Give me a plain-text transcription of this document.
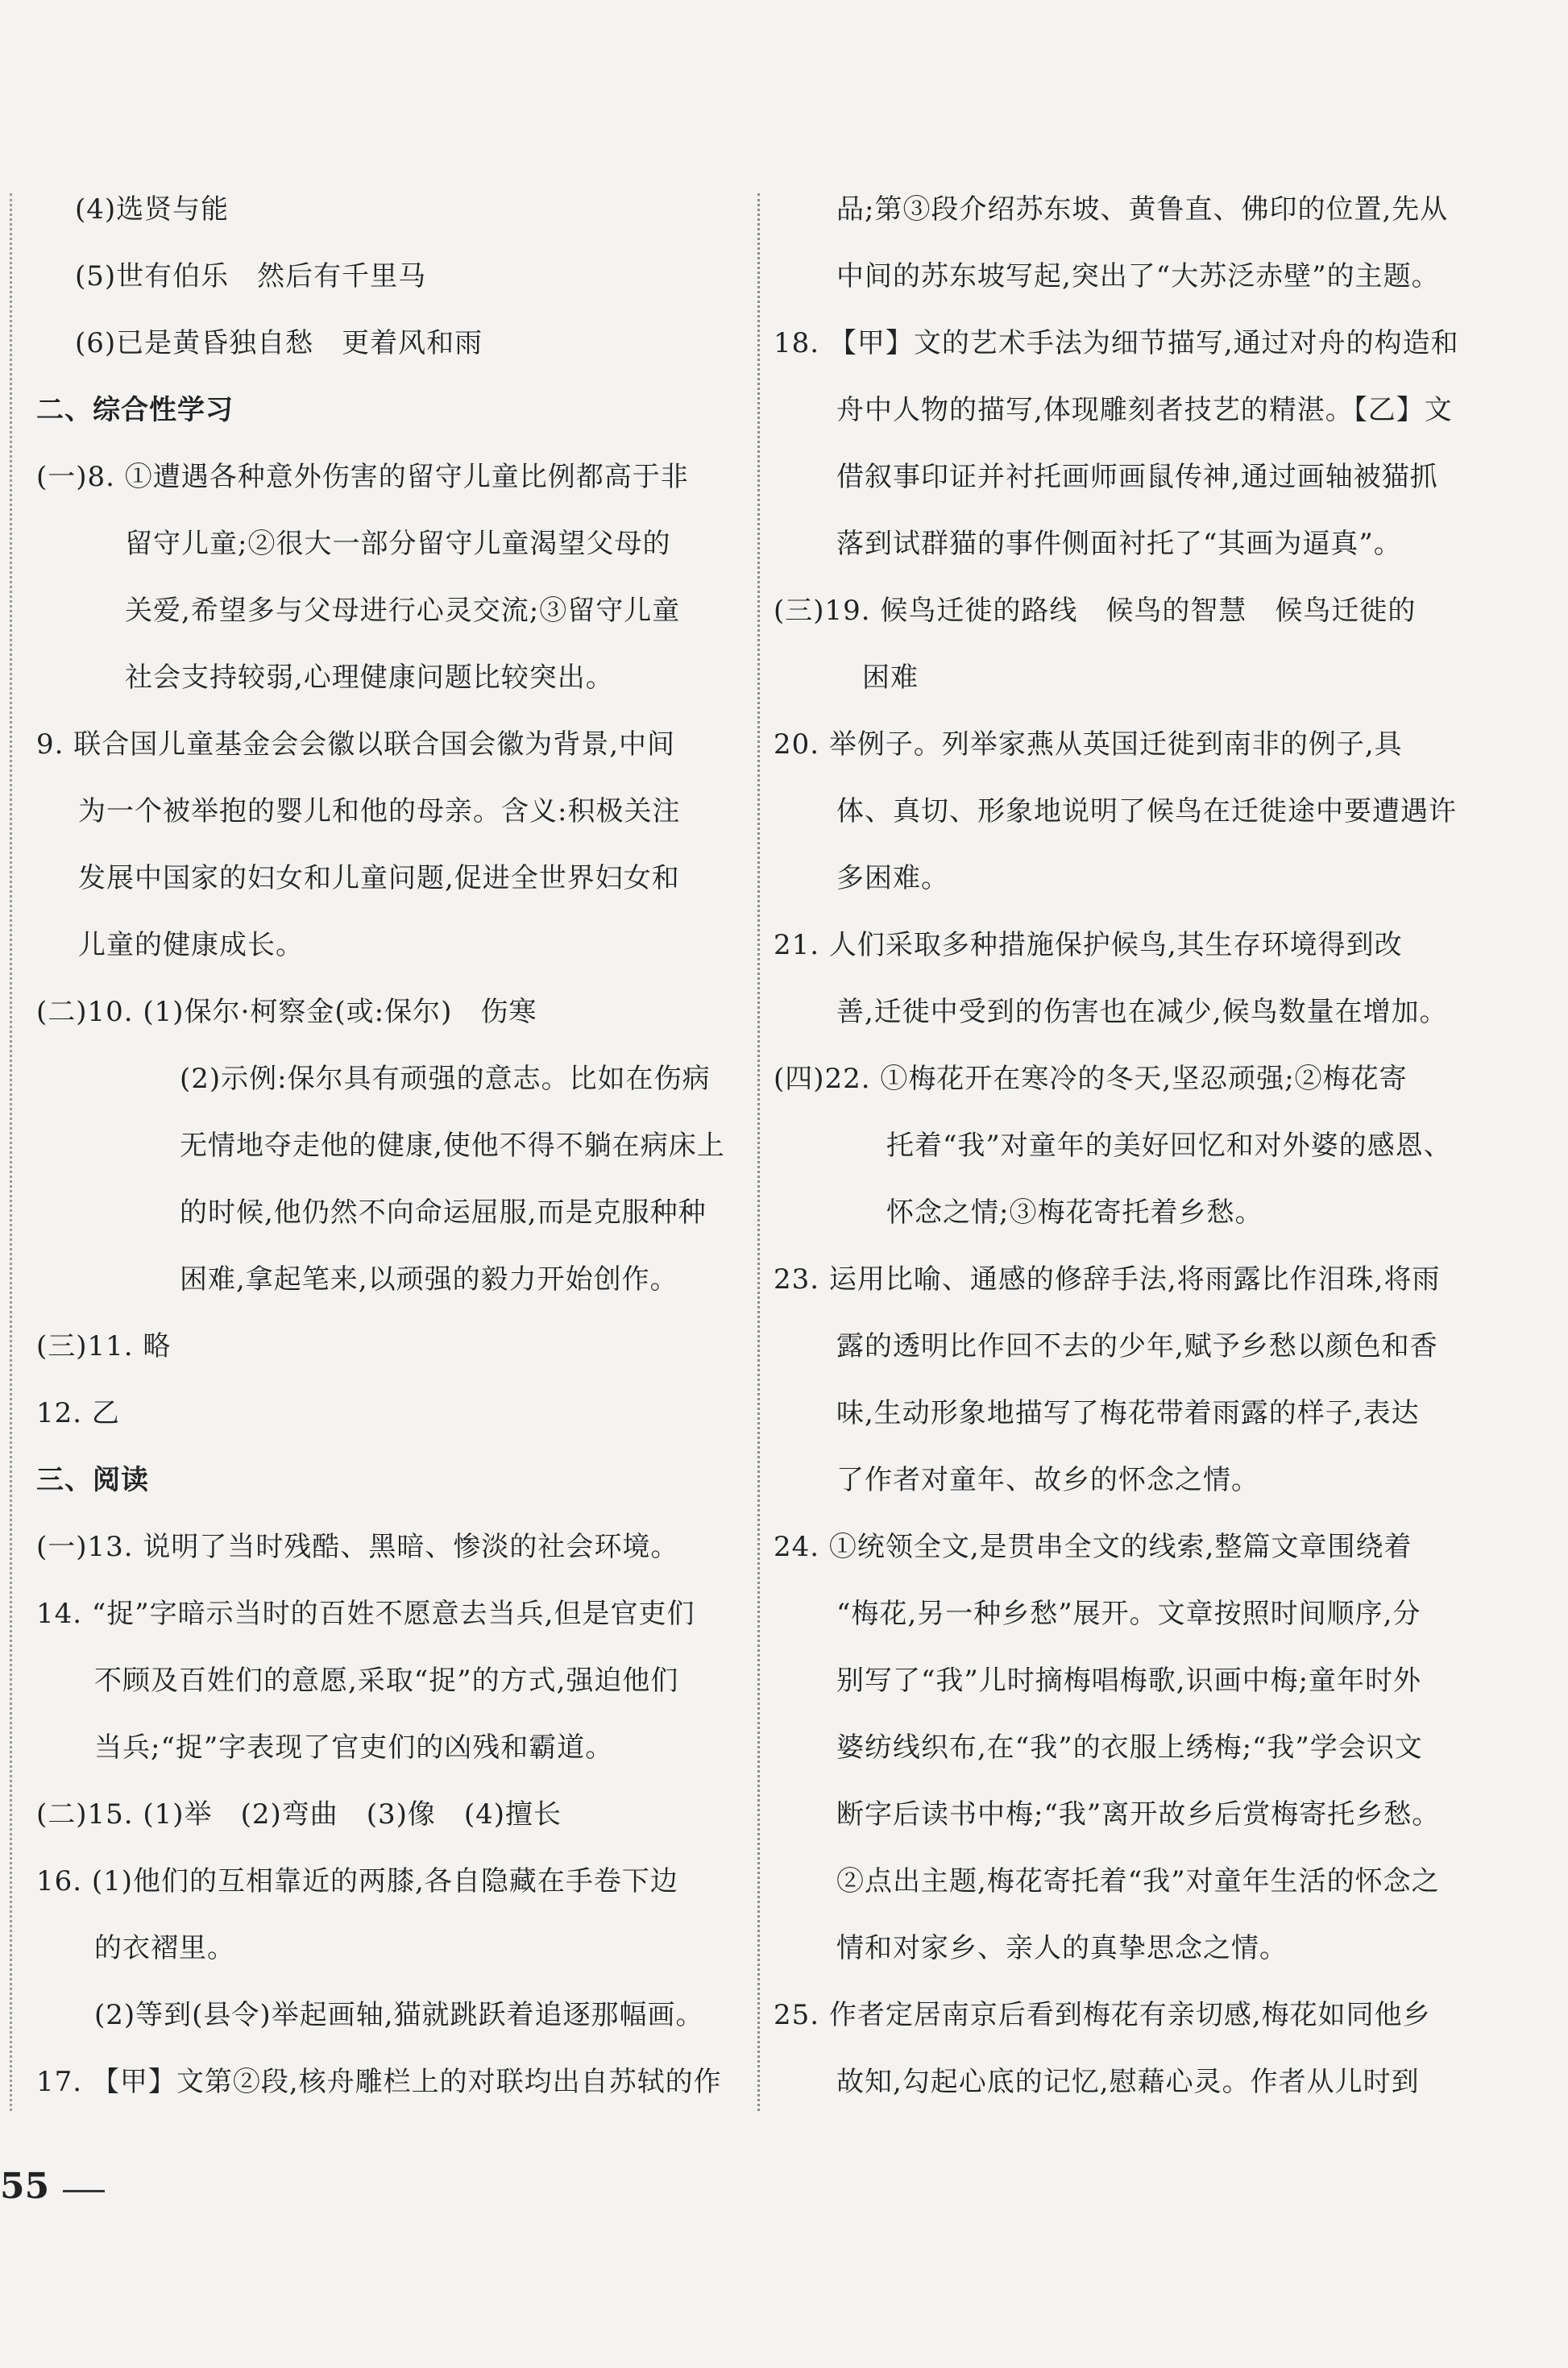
(4)选贤与能
(5)世有伯乐　然后有千里马
(6)已是黄昏独自愁　更着风和雨
二、综合性学习
(一)8. ①遭遇各种意外伤害的留守儿童比例都高于非
留守儿童;②很大一部分留守儿童渴望父母的
关爱,希望多与父母进行心灵交流;③留守儿童
社会支持较弱,心理健康问题比较突出。
9. 联合国儿童基金会会徽以联合国会徽为背景,中间
为一个被举抱的婴儿和他的母亲。含义:积极关注
发展中国家的妇女和儿童问题,促进全世界妇女和
儿童的健康成长。
(二)10. (1)保尔·柯察金(或:保尔)　伤寒
(2)示例:保尔具有顽强的意志。比如在伤病
无情地夺走他的健康,使他不得不躺在病床上
的时候,他仍然不向命运屈服,而是克服种种
困难,拿起笔来,以顽强的毅力开始创作。
(三)11. 略
12. 乙
三、阅读
(一)13. 说明了当时残酷、黑暗、惨淡的社会环境。
14. “捉”字暗示当时的百姓不愿意去当兵,但是官吏们
不顾及百姓们的意愿,采取“捉”的方式,强迫他们
当兵;“捉”字表现了官吏们的凶残和霸道。
(二)15. (1)举　(2)弯曲　(3)像　(4)擅长
16. (1)他们的互相靠近的两膝,各自隐藏在手卷下边
的衣褶里。
(2)等到(县令)举起画轴,猫就跳跃着追逐那幅画。
17. 【甲】文第②段,核舟雕栏上的对联均出自苏轼的作
品;第③段介绍苏东坡、黄鲁直、佛印的位置,先从
中间的苏东坡写起,突出了“大苏泛赤壁”的主题。
18. 【甲】文的艺术手法为细节描写,通过对舟的构造和
舟中人物的描写,体现雕刻者技艺的精湛。【乙】文
借叙事印证并衬托画师画鼠传神,通过画轴被猫抓
落到试群猫的事件侧面衬托了“其画为逼真”。
(三)19. 候鸟迁徙的路线　候鸟的智慧　候鸟迁徙的
困难
20. 举例子。列举家燕从英国迁徙到南非的例子,具
体、真切、形象地说明了候鸟在迁徙途中要遭遇许
多困难。
21. 人们采取多种措施保护候鸟,其生存环境得到改
善,迁徙中受到的伤害也在减少,候鸟数量在增加。
(四)22. ①梅花开在寒冷的冬天,坚忍顽强;②梅花寄
托着“我”对童年的美好回忆和对外婆的感恩、
怀念之情;③梅花寄托着乡愁。
23. 运用比喻、通感的修辞手法,将雨露比作泪珠,将雨
露的透明比作回不去的少年,赋予乡愁以颜色和香
味,生动形象地描写了梅花带着雨露的样子,表达
了作者对童年、故乡的怀念之情。
24. ①统领全文,是贯串全文的线索,整篇文章围绕着
“梅花,另一种乡愁”展开。文章按照时间顺序,分
别写了“我”儿时摘梅唱梅歌,识画中梅;童年时外
婆纺线织布,在“我”的衣服上绣梅;“我”学会识文
断字后读书中梅;“我”离开故乡后赏梅寄托乡愁。
②点出主题,梅花寄托着“我”对童年生活的怀念之
情和对家乡、亲人的真挚思念之情。
25. 作者定居南京后看到梅花有亲切感,梅花如同他乡
故知,勾起心底的记忆,慰藉心灵。作者从儿时到
55
